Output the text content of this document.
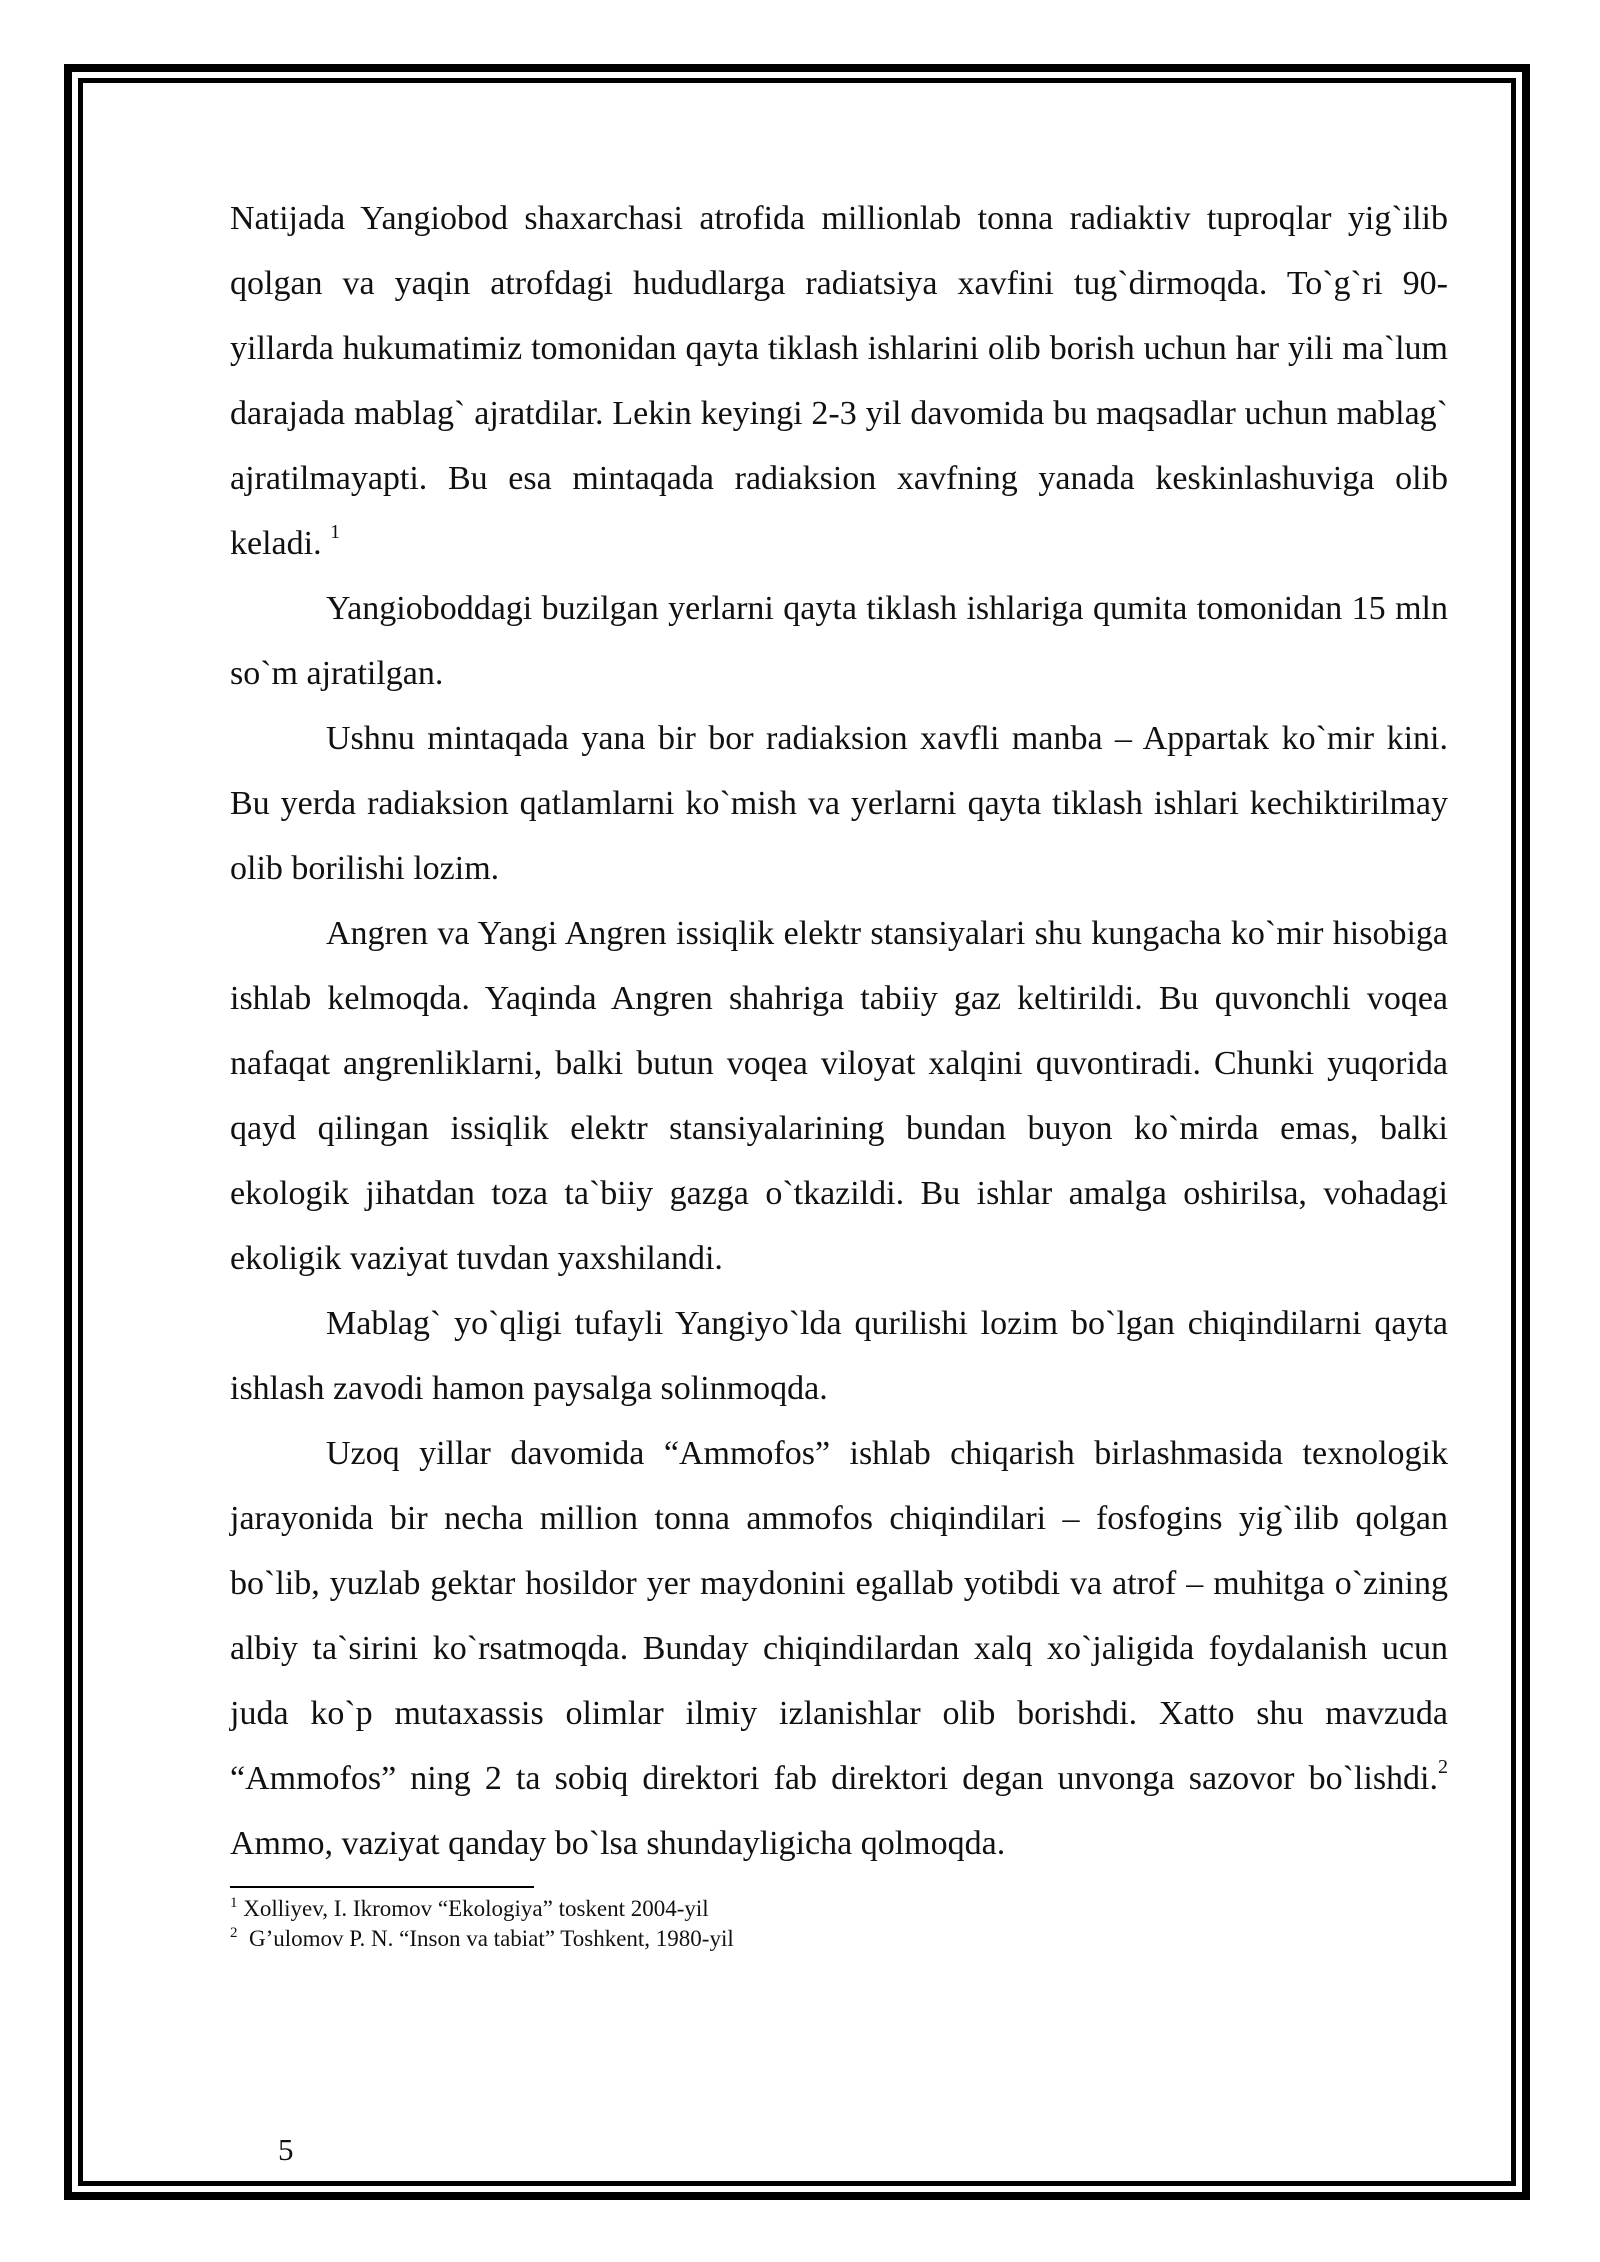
Natijada Yangiobod shaxarchasi atrofida millionlab tonna radiaktiv tuproqlar yig`ilib qolgan va yaqin atrofdagi hududlarga radiatsiya xavfini tug`dirmoqda. To`g`ri 90-yillarda hukumatimiz tomonidan qayta tiklash ishlarini olib borish uchun har yili ma`lum darajada mablag` ajratdilar. Lekin keyingi 2-3 yil davomida bu maqsadlar uchun mablag` ajratilmayapti. Bu esa mintaqada radiaksion xavfning yanada keskinlashuviga olib keladi. $^1$

Yangioboddagi buzilgan yerlarni qayta tiklash ishlariga qumita tomonidan 15 mln so`m ajratilgan.

Ushnu mintaqada yana bir bor radiaksion xavfli manba – Appartak ko`mir kini. Bu yerda radiaksion qatlamlarni ko`mish va yerlarni qayta tiklash ishlari kechiktirilmay olib borilishi lozim.

Angren va Yangi Angren issiqlik elektr stansiyalari shu kungacha ko`mir hisobiga ishlab kelmoqda. Yaqinda Angren shahriga tabiiy gaz keltirildi. Bu quvonchli voqea nafaqat angrenliklarni, balki butun voqea viloyat xalqini quvontiradi. Chunki yuqorida qayd qilingan issiqlik elektr stansiyalarining bundan buyon ko`mirda emas, balki ekologik jihatdan toza ta`biiy gazga o`tkazildi. Bu ishlar amalga oshirilsa, vohadagi ekoligik vaziyat tuvdan yaxshilandi.

Mablag` yo`qligi tufayli Yangiyo`lda qurilishi lozim bo`lgan chiqindilarni qayta ishlash zavodi hamon paysalga solinmoqda.

Uzoq yillar davomida “Ammofos” ishlab chiqarish birlashmasida texnologik jarayonida bir necha million tonna ammofos chiqindilari – fosfogins yig`ilib qolgan bo`lib, yuzlab gektar hosildor yer maydonini egallab yotibdi va atrof – muhitga o`zining albiy ta`sirini ko`rsatmoqda. Bunday chiqindilardan xalq xo`jaligida foydalanish ucun juda ko`p mutaxassis olimlar ilmiy izlanishlar olib borishdi. Xatto shu mavzuda “Ammofos” ning 2 ta sobiq direktori fab direktori degan unvonga sazovor bo`lishdi.$^2$ Ammo, vaziyat qanday bo`lsa shundayligicha qolmoqda.

$^1$ Xolliyev, I. Ikromov “Ekologiya” toskent 2004-yil
$^2$  G’ulomov P. N. “Inson va tabiat” Toshkent, 1980-yil
5
